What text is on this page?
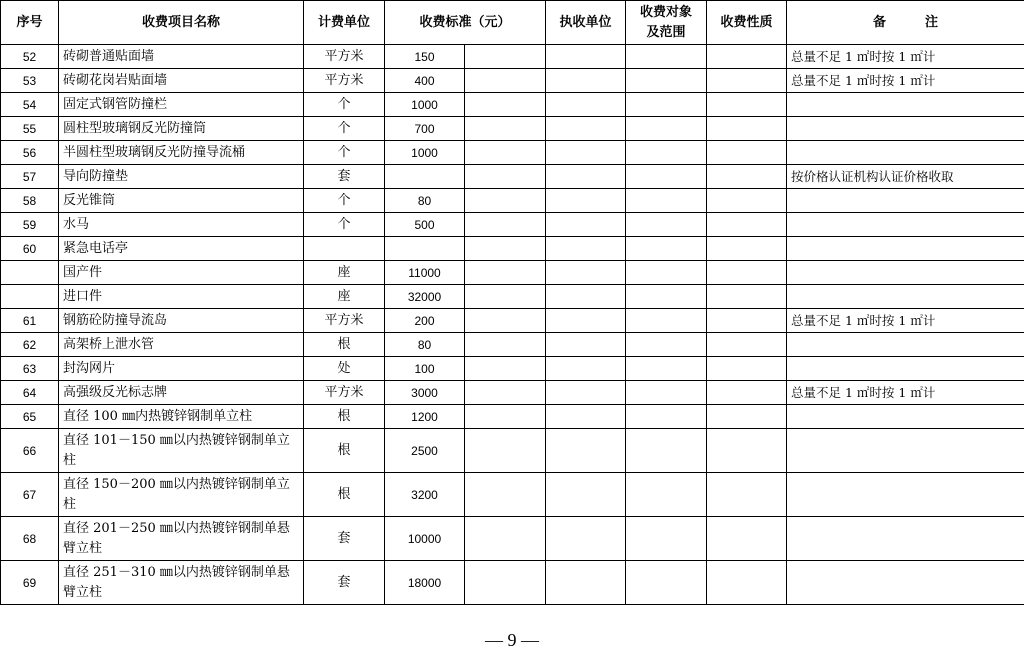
序号	收费项目名称	计费单位	收费标准（元）		执收单位	收费对象
及范围	收费性质	备　　　注
52	砖砌普通贴面墙	平方米	150					总量不足 1 ㎡时按 1 ㎡计
53	砖砌花岗岩贴面墙	平方米	400					总量不足 1 ㎡时按 1 ㎡计
54	固定式钢管防撞栏	个	1000					
55	圆柱型玻璃钢反光防撞筒	个	700					
56	半圆柱型玻璃钢反光防撞导流桶	个	1000					
57	导向防撞垫	套						按价格认证机构认证价格收取
58	反光锥筒	个	80					
59	水马	个	500					
60	紧急电话亭							
	国产件	座	11000					
	进口件	座	32000					
61	钢筋砼防撞导流岛	平方米	200					总量不足 1 ㎡时按 1 ㎡计
62	高架桥上泄水管	根	80					
63	封沟网片	处	100					
64	高强级反光标志牌	平方米	3000					总量不足 1 ㎡时按 1 ㎡计
65	直径 100 ㎜内热镀锌钢制单立柱	根	1200					
66	直径 101－150 ㎜以内热镀锌钢制单立柱	根	2500					
67	直径 150－200 ㎜以内热镀锌钢制单立柱	根	3200					
68	直径 201－250 ㎜以内热镀锌钢制单悬臂立柱	套	10000					
69	直径 251－310 ㎜以内热镀锌钢制单悬臂立柱	套	18000					
— 9 —
